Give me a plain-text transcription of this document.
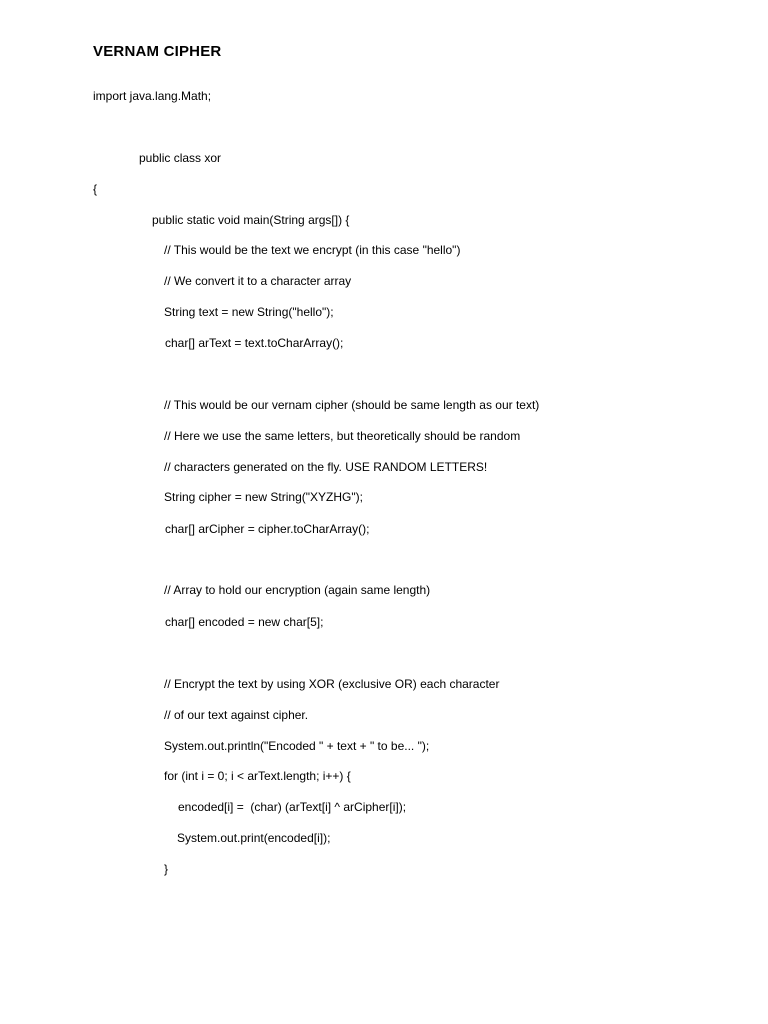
VERNAM CIPHER
import java.lang.Math;
public class xor
{
public static void main(String args[]) {
// This would be the text we encrypt (in this case "hello")
// We convert it to a character array
String text = new String("hello");
char[] arText = text.toCharArray();
// This would be our vernam cipher (should be same length as our text)
// Here we use the same letters, but theoretically should be random
// characters generated on the fly. USE RANDOM LETTERS!
String cipher = new String("XYZHG");
char[] arCipher = cipher.toCharArray();
// Array to hold our encryption (again same length)
char[] encoded = new char[5];
// Encrypt the text by using XOR (exclusive OR) each character
// of our text against cipher.
System.out.println("Encoded " + text + " to be... ");
for (int i = 0; i < arText.length; i++) {
encoded[i] =  (char) (arText[i] ^ arCipher[i]);
System.out.print(encoded[i]);
}
